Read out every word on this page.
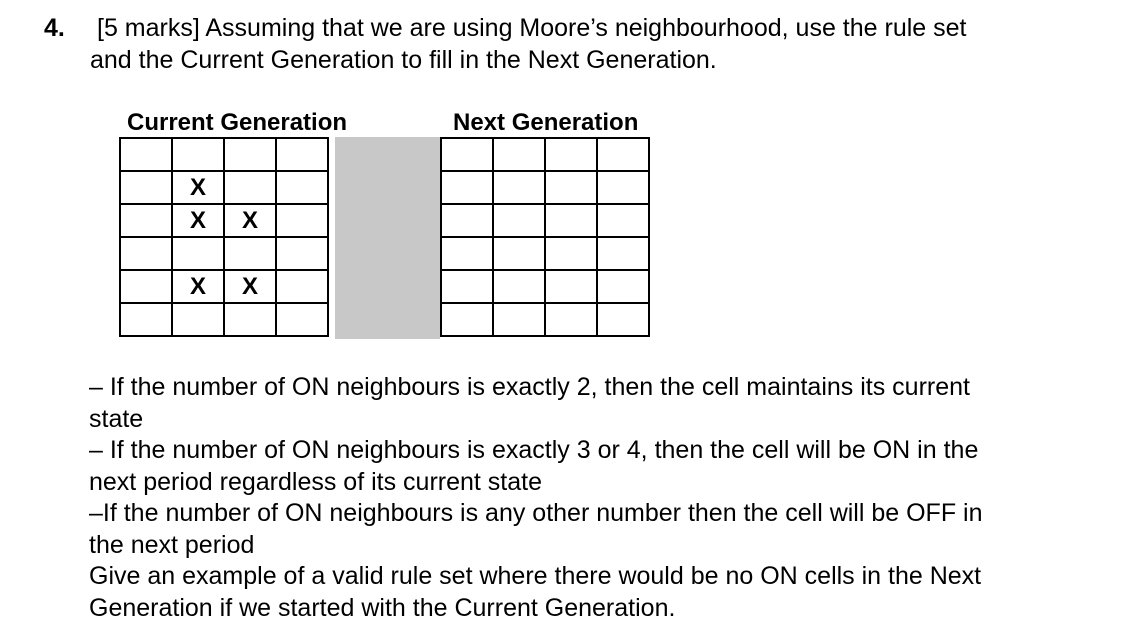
4. [5 marks] Assuming that we are using Moore’s neighbourhood, use the rule set
and the Current Generation to fill in the Next Generation.
Current Generation	Next Generation

	X		
	X	X	

	X	X	

– If the number of ON neighbours is exactly 2, then the cell maintains its current
state
– If the number of ON neighbours is exactly 3 or 4, then the cell will be ON in the
next period regardless of its current state
–If the number of ON neighbours is any other number then the cell will be OFF in
the next period
Give an example of a valid rule set where there would be no ON cells in the Next
Generation if we started with the Current Generation.
